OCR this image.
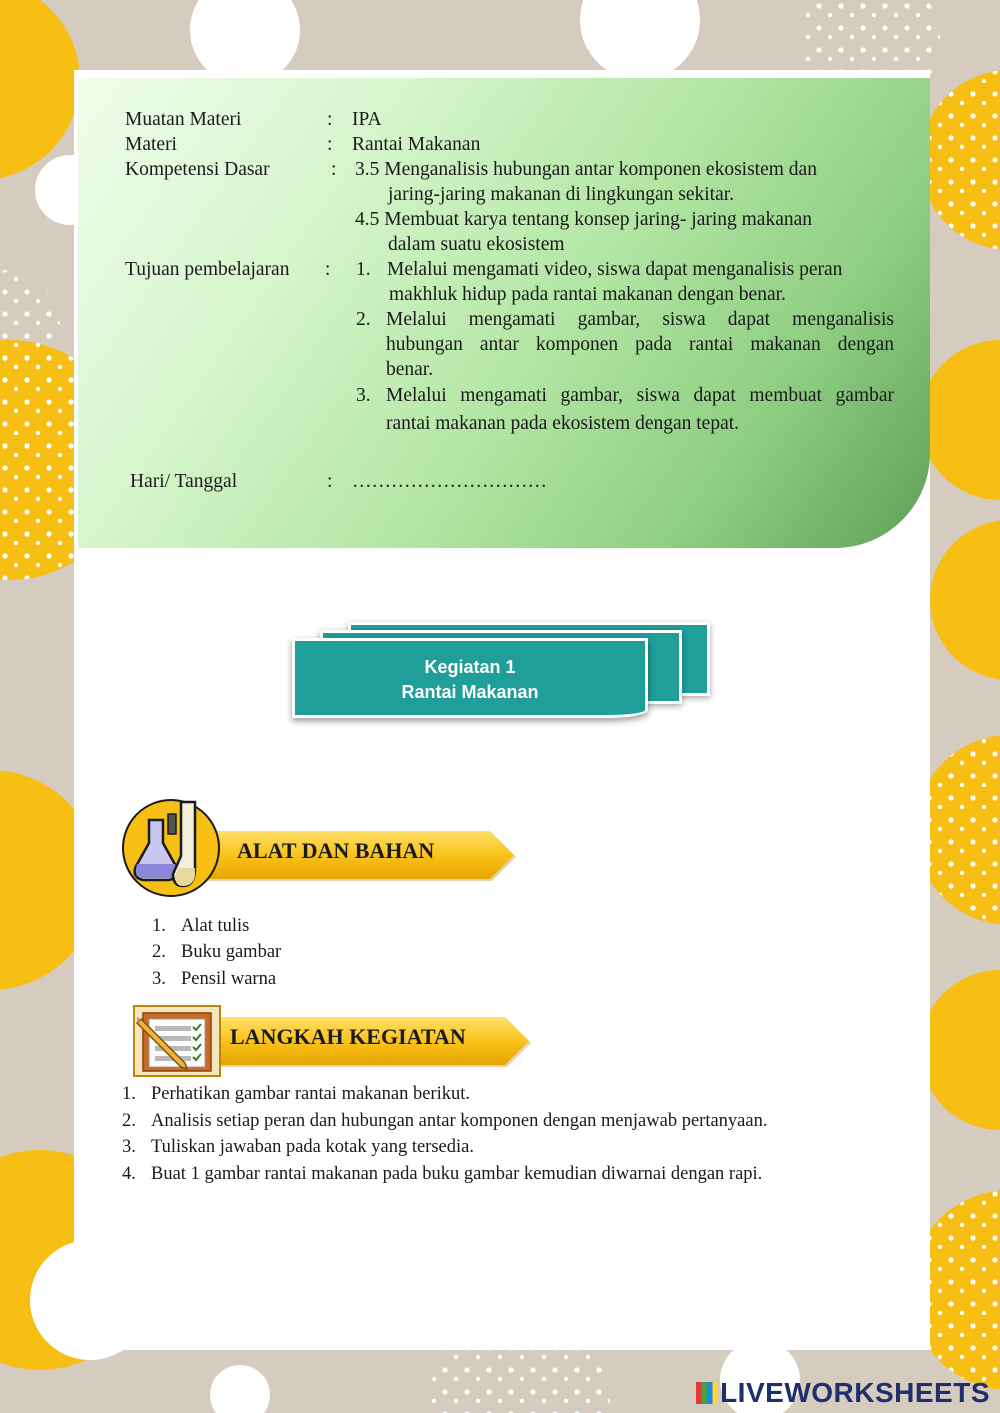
Muatan Materi	: IPA
Materi	: Rantai Makanan
Kompetensi Dasar	: 3.5 Menganalisis hubungan antar komponen ekosistem dan
jaring-jaring makanan di lingkungan sekitar.
4.5 Membuat karya tentang konsep jaring- jaring makanan
dalam suatu ekosistem
Tujuan pembelajaran : 1. Melalui mengamati video, siswa dapat menganalisis peran
makhluk hidup pada rantai makanan dengan benar.
2. Melalui mengamati gambar, siswa dapat menganalisis
hubungan antar komponen pada rantai makanan dengan
benar.
3. Melalui mengamati gambar, siswa dapat membuat gambar
rantai makanan pada ekosistem dengan tepat.
Hari/ Tanggal	: …………………………
Kegiatan 1
Rantai Makanan
ALAT DAN BAHAN
1. Alat tulis
2. Buku gambar
3. Pensil warna
LANGKAH KEGIATAN
1. Perhatikan gambar rantai makanan berikut.
2. Analisis setiap peran dan hubungan antar komponen dengan menjawab pertanyaan.
3. Tuliskan jawaban pada kotak yang tersedia.
4. Buat 1 gambar rantai makanan pada buku gambar kemudian diwarnai dengan rapi.
LIVEWORKSHEETS
